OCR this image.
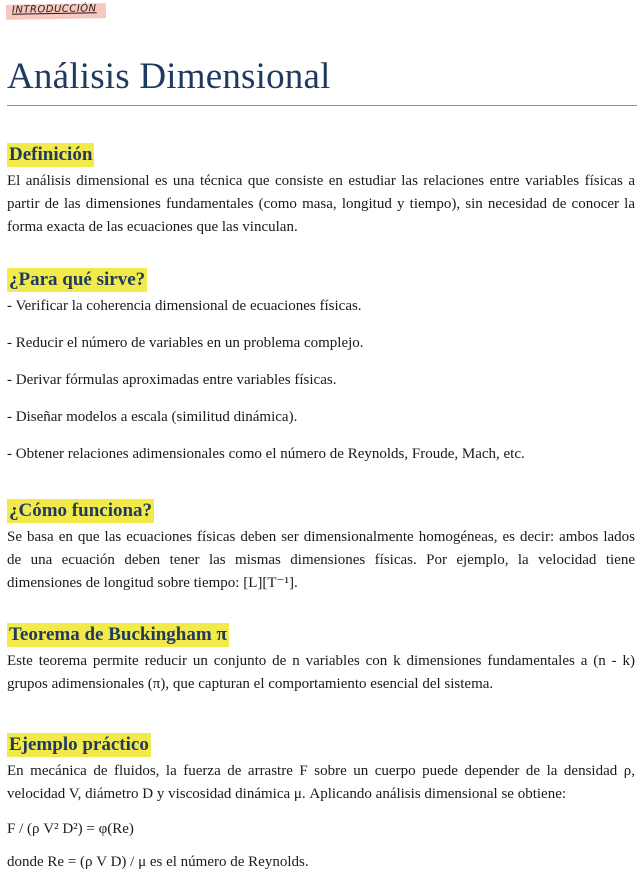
INTRODUCCIÓN
Análisis Dimensional
Definición

El análisis dimensional es una técnica que consiste en estudiar las relaciones entre variables físicas a partir de las dimensiones fundamentales (como masa, longitud y tiempo), sin necesidad de conocer la forma exacta de las ecuaciones que las vinculan.

¿Para qué sirve?

- Verificar la coherencia dimensional de ecuaciones físicas.

- Reducir el número de variables en un problema complejo.

- Derivar fórmulas aproximadas entre variables físicas.

- Diseñar modelos a escala (similitud dinámica).

- Obtener relaciones adimensionales como el número de Reynolds, Froude, Mach, etc.

¿Cómo funciona?

Se basa en que las ecuaciones físicas deben ser dimensionalmente homogéneas, es decir: ambos lados de una ecuación deben tener las mismas dimensiones físicas. Por ejemplo, la velocidad tiene dimensiones de longitud sobre tiempo: [L][T⁻¹].

Teorema de Buckingham π

Este teorema permite reducir un conjunto de n variables con k dimensiones fundamentales a (n - k) grupos adimensionales (π), que capturan el comportamiento esencial del sistema.

Ejemplo práctico

En mecánica de fluidos, la fuerza de arrastre F sobre un cuerpo puede depender de la densidad ρ, velocidad V, diámetro D y viscosidad dinámica μ. Aplicando análisis dimensional se obtiene:

F / (ρ V² D²) = φ(Re)

donde Re = (ρ V D) / μ es el número de Reynolds.
